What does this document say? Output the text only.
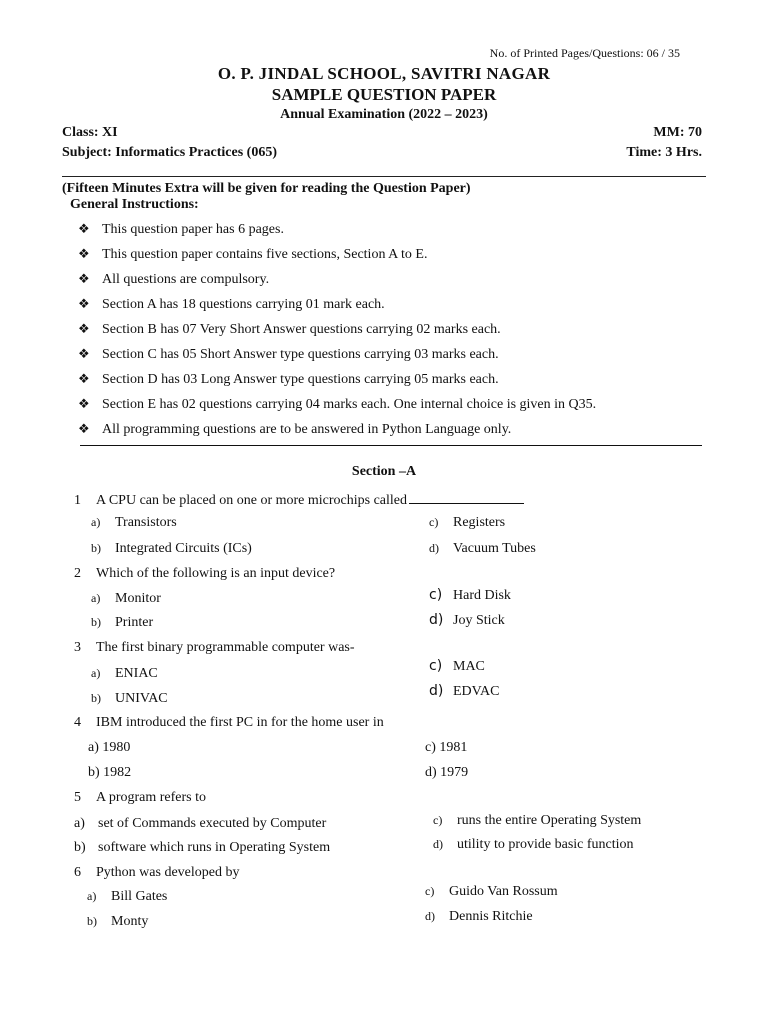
No. of Printed Pages/Questions: 06 / 35
O. P. JINDAL SCHOOL, SAVITRI NAGAR
SAMPLE QUESTION PAPER
Annual Examination (2022 – 2023)
Class: XI	MM: 70
Subject: Informatics Practices (065)	Time: 3 Hrs.
(Fifteen Minutes Extra will be given for reading the Question Paper)
General Instructions:
❖ This question paper has 6 pages.
❖ This question paper contains five sections, Section A to E.
❖ All questions are compulsory.
❖ Section A has 18 questions carrying 01 mark each.
❖ Section B has 07 Very Short Answer questions carrying 02 marks each.
❖ Section C has 05 Short Answer type questions carrying 03 marks each.
❖ Section D has 03 Long Answer type questions carrying 05 marks each.
❖ Section E has 02 questions carrying 04 marks each. One internal choice is given in Q35.
❖ All programming questions are to be answered in Python Language only.
Section –A
1 A CPU can be placed on one or more microchips called
a) Transistors
b) Integrated Circuits (ICs)
c) Registers
d) Vacuum Tubes
2 Which of the following is an input device?
a) Monitor
b) Printer
c) Hard Disk
d) Joy Stick
3 The first binary programmable computer was-
a) ENIAC
b) UNIVAC
c) MAC
d) EDVAC
4 IBM introduced the first PC in for the home user in
a) 1980
b) 1982
c) 1981
d) 1979
5 A program refers to
a) set of Commands executed by Computer
b) software which runs in Operating System
c) runs the entire Operating System
d) utility to provide basic function
6 Python was developed by
a) Bill Gates
b) Monty
c) Guido Van Rossum
d) Dennis Ritchie
